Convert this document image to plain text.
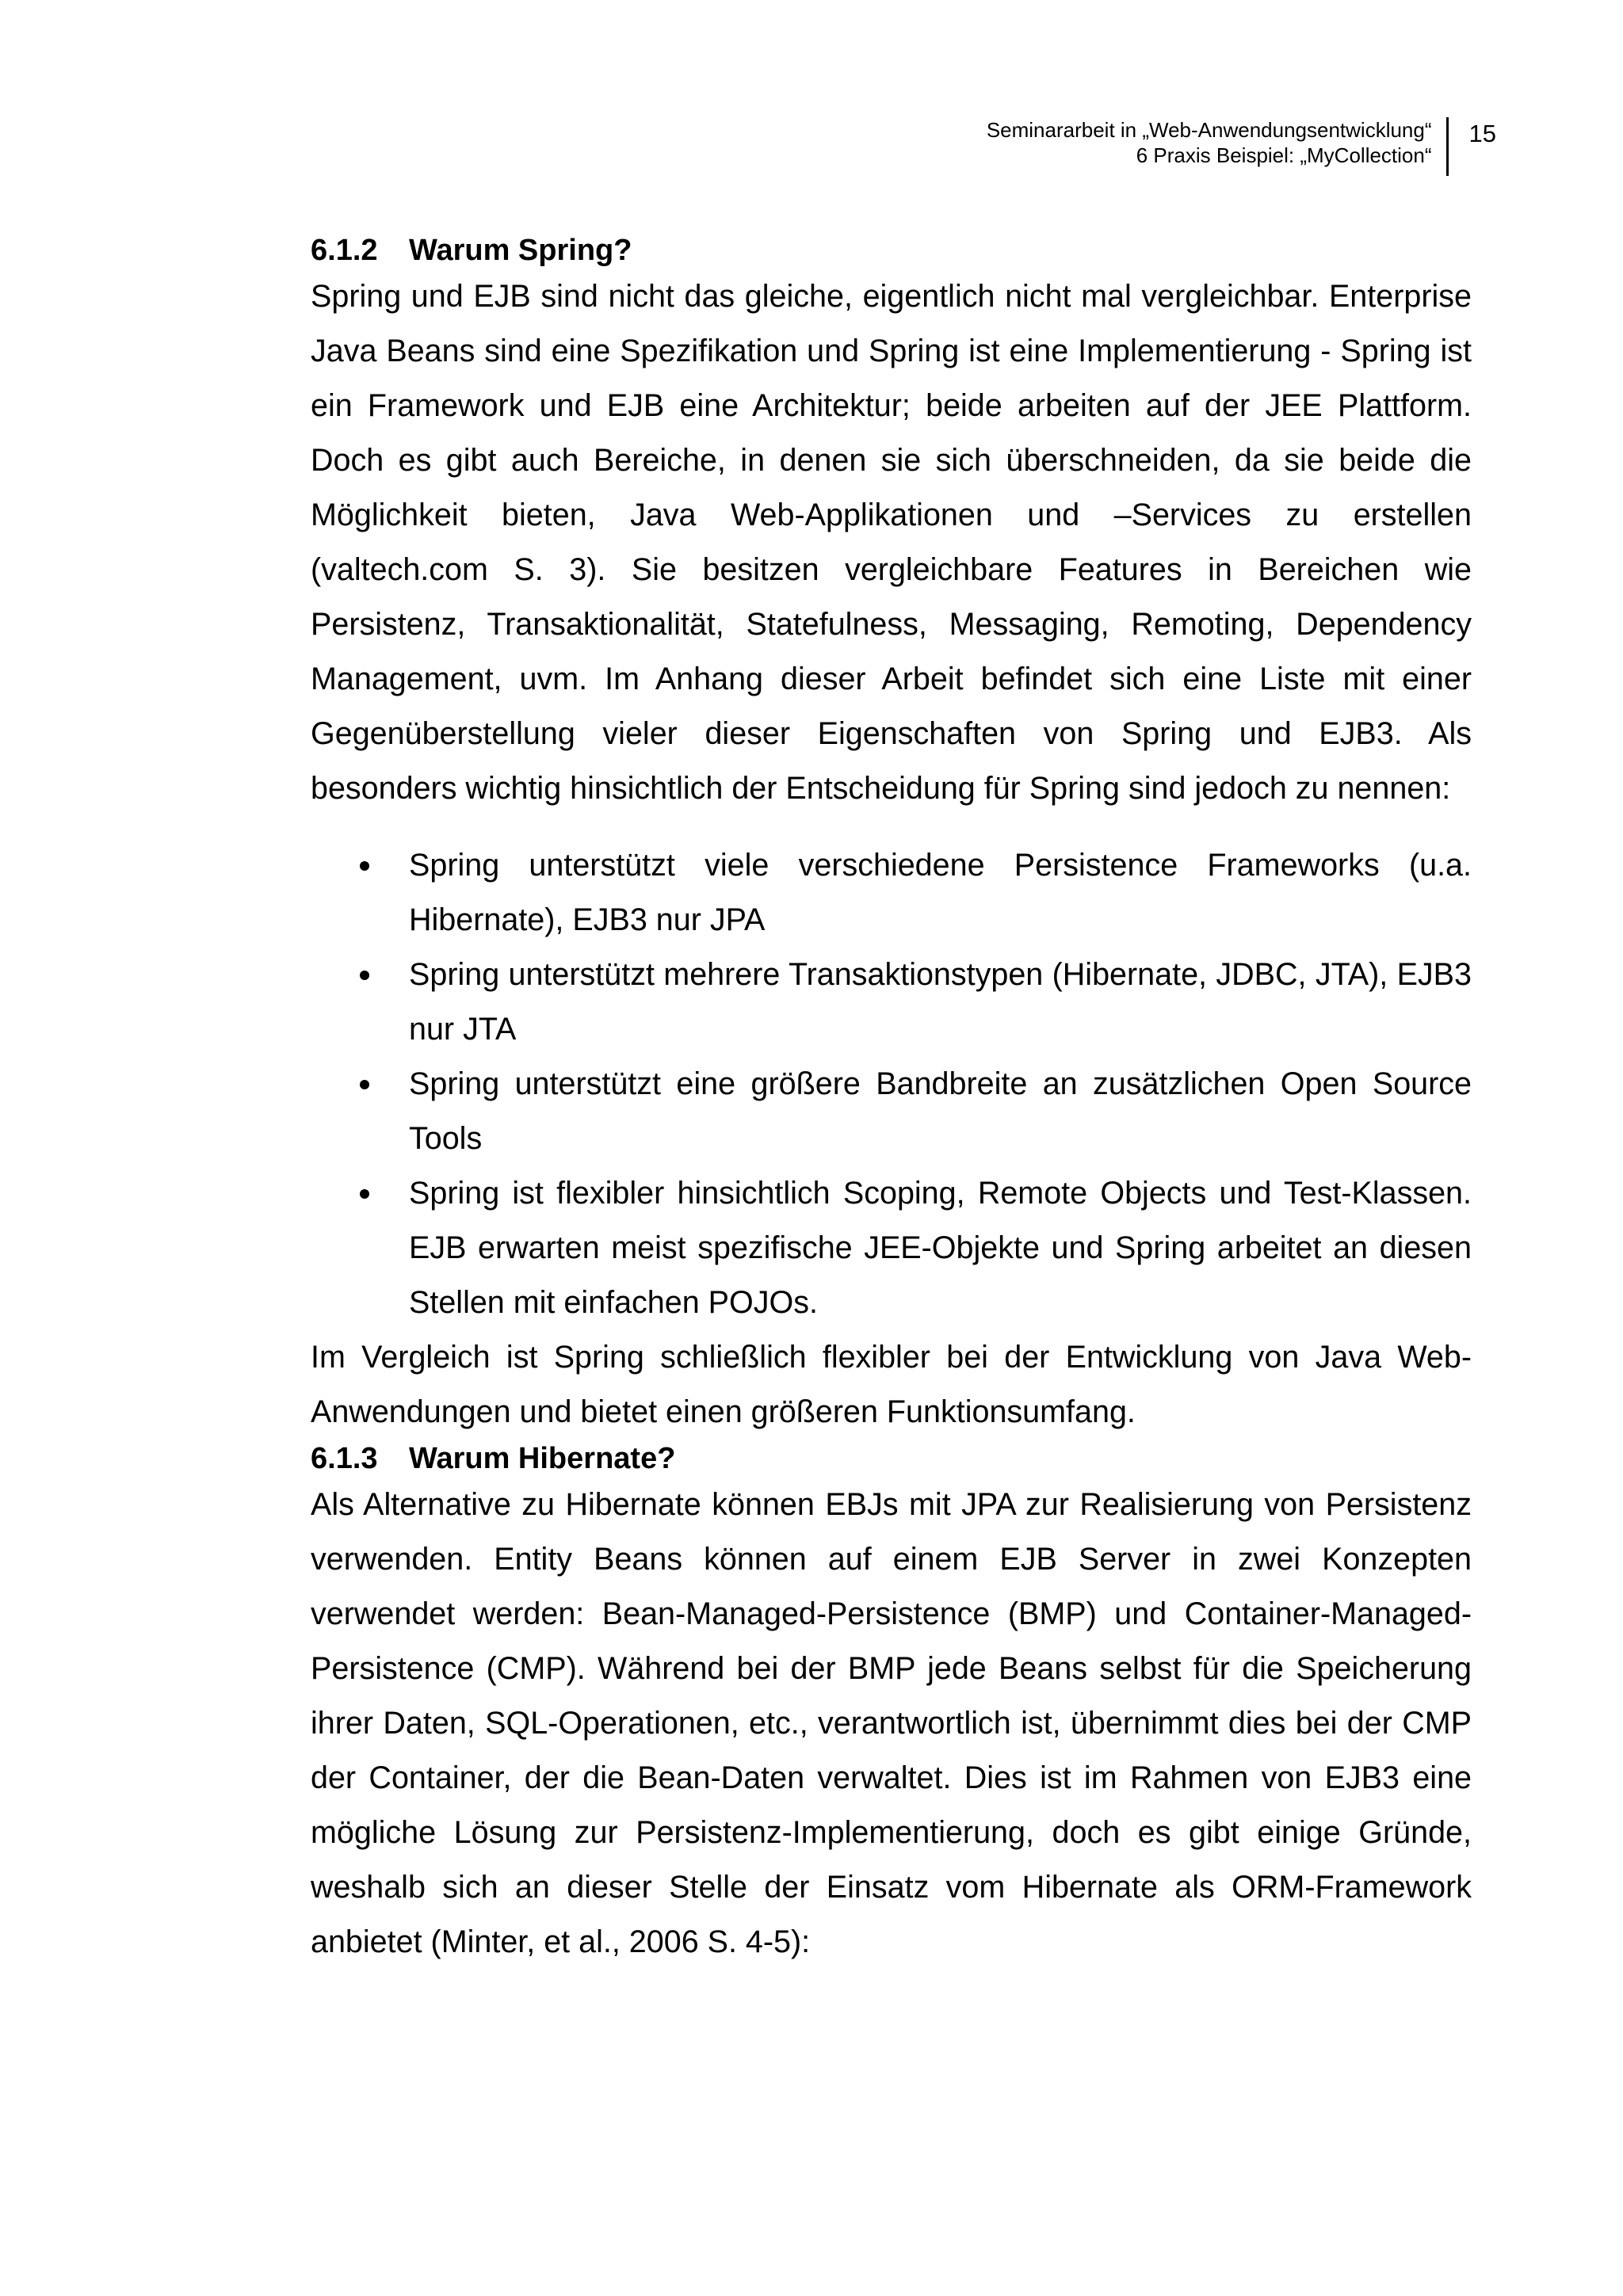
Seminararbeit in „Web-Anwendungsentwicklung“
6 Praxis Beispiel: „MyCollection“
15
6.1.2	Warum Spring?

Spring und EJB sind nicht das gleiche, eigentlich nicht mal vergleichbar. Enterprise Java Beans sind eine Spezifikation und Spring ist eine Implementierung - Spring ist ein Framework und EJB eine Architektur; beide arbeiten auf der JEE Plattform. Doch es gibt auch Bereiche, in denen sie sich überschneiden, da sie beide die Möglichkeit bieten, Java Web-Applikationen und –Services zu erstellen (valtech.com S. 3). Sie besitzen vergleichbare Features in Bereichen wie Persistenz, Transaktionalität, Statefulness, Messaging, Remoting, Dependency Management, uvm. Im Anhang dieser Arbeit befindet sich eine Liste mit einer Gegenüberstellung vieler dieser Eigenschaften von Spring und EJB3. Als besonders wichtig hinsichtlich der Entscheidung für Spring sind jedoch zu nennen:

Spring unterstützt viele verschiedene Persistence Frameworks (u.a. Hibernate), EJB3 nur JPA
Spring unterstützt mehrere Transaktionstypen (Hibernate, JDBC, JTA), EJB3 nur JTA
Spring unterstützt eine größere Bandbreite an zusätzlichen Open Source Tools
Spring ist flexibler hinsichtlich Scoping, Remote Objects und Test-Klassen. EJB erwarten meist spezifische JEE-Objekte und Spring arbeitet an diesen Stellen mit einfachen POJOs.

Im Vergleich ist Spring schließlich flexibler bei der Entwicklung von Java Web-Anwendungen und bietet einen größeren Funktionsumfang.

6.1.3	Warum Hibernate?

Als Alternative zu Hibernate können EBJs mit JPA zur Realisierung von Persistenz verwenden. Entity Beans können auf einem EJB Server in zwei Konzepten verwendet werden: Bean-Managed-Persistence (BMP) und Container-Managed-Persistence (CMP). Während bei der BMP jede Beans selbst für die Speicherung ihrer Daten, SQL-Operationen, etc., verantwortlich ist, übernimmt dies bei der CMP der Container, der die Bean-Daten verwaltet. Dies ist im Rahmen von EJB3 eine mögliche Lösung zur Persistenz-Implementierung, doch es gibt einige Gründe, weshalb sich an dieser Stelle der Einsatz vom Hibernate als ORM-Framework anbietet (Minter, et al., 2006 S. 4-5):
